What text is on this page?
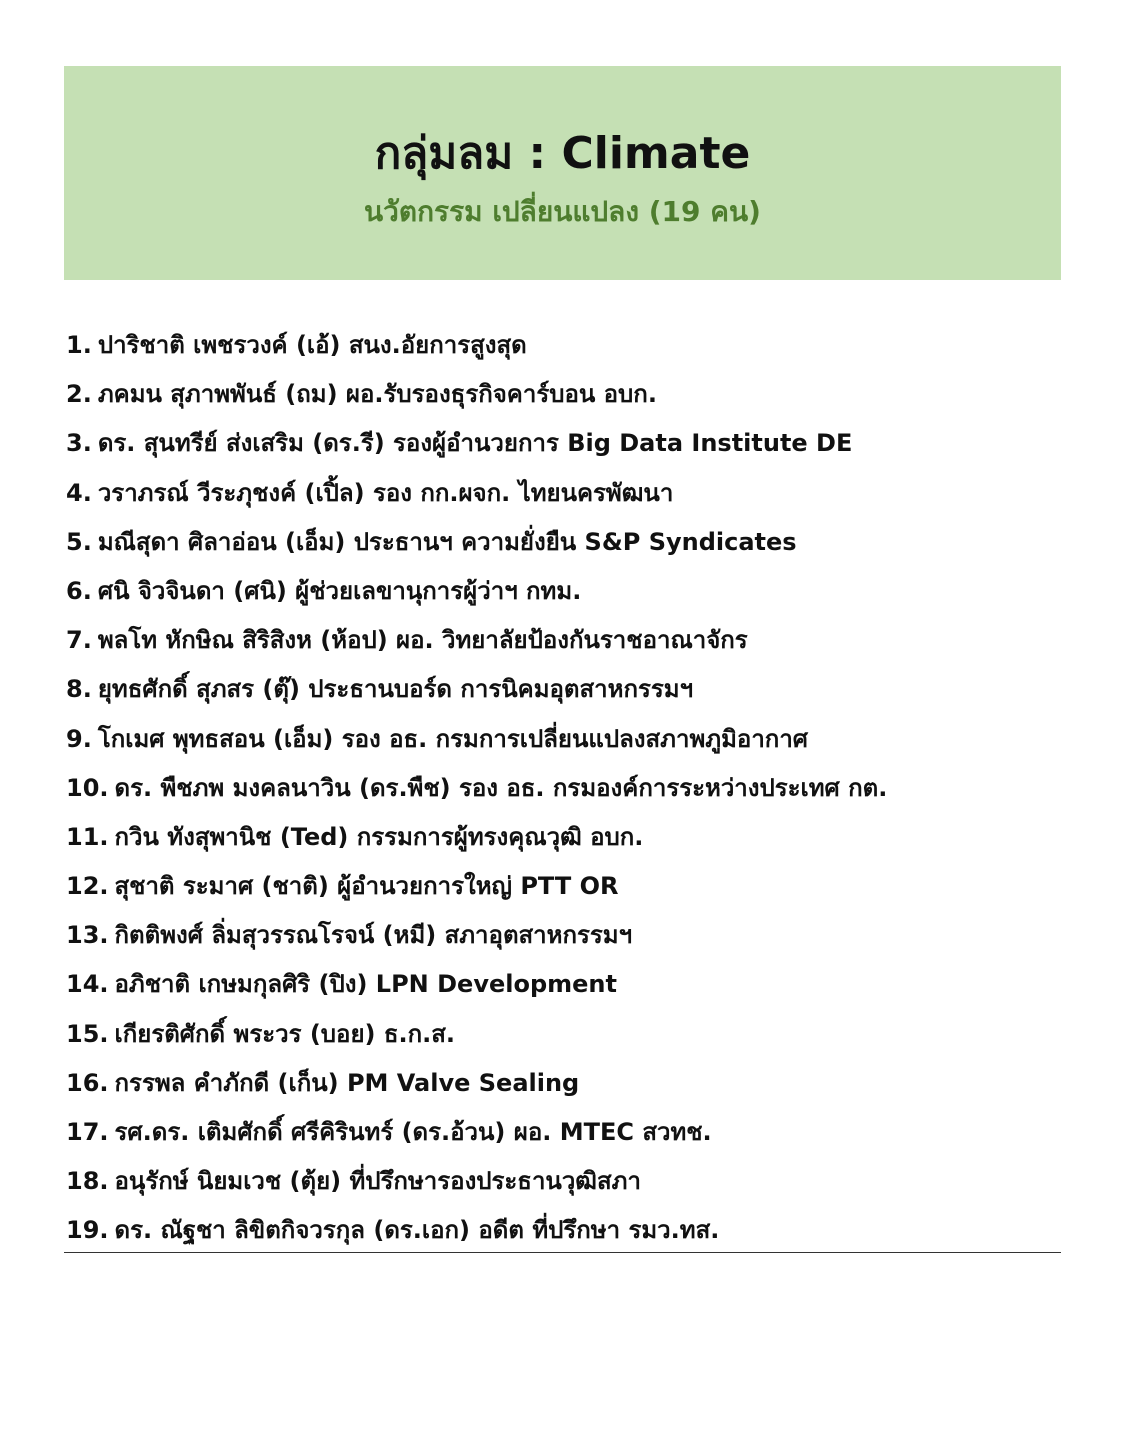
กลุ่มลม : Climate
นวัตกรรม เปลี่ยนแปลง (19 คน)
1. ปาริชาติ เพชรวงค์ (เอ้) สนง.อัยการสูงสุด
2. ภคมน สุภาพพันธ์ (ถม) ผอ.รับรองธุรกิจคาร์บอน อบก.
3. ดร. สุนทรีย์ ส่งเสริม (ดร.รี) รองผู้อำนวยการ Big Data Institute DE
4. วราภรณ์ วีระภุชงค์ (เปิ้ล) รอง กก.ผจก. ไทยนครพัฒนา
5. มณีสุดา ศิลาอ่อน (เอ็ม) ประธานฯ ความยั่งยืน S&P Syndicates
6. ศนิ จิวจินดา (ศนิ) ผู้ช่วยเลขานุการผู้ว่าฯ กทม.
7. พลโท หักษิณ สิริสิงห (ห้อป) ผอ. วิทยาลัยป้องกันราชอาณาจักร
8. ยุทธศักดิ์ สุภสร (ตุ๊) ประธานบอร์ด การนิคมอุตสาหกรรมฯ
9. โกเมศ พุทธสอน (เอ็ม) รอง อธ. กรมการเปลี่ยนแปลงสภาพภูมิอากาศ
10. ดร. พืชภพ มงคลนาวิน (ดร.พืช) รอง อธ. กรมองค์การระหว่างประเทศ กต.
11. กวิน ทังสุพานิช (Ted) กรรมการผู้ทรงคุณวุฒิ อบก.
12. สุชาติ ระมาศ (ชาติ) ผู้อำนวยการใหญ่ PTT OR
13. กิตติพงศ์ ลิ่มสุวรรณโรจน์ (หมี) สภาอุตสาหกรรมฯ
14. อภิชาติ เกษมกุลศิริ (ปิง) LPN Development
15. เกียรติศักดิ์ พระวร (บอย) ธ.ก.ส.
16. กรรพล คำภักดี (เก็น) PM Valve Sealing
17. รศ.ดร. เติมศักดิ์ ศรีคิรินทร์ (ดร.อ้วน) ผอ. MTEC สวทช.
18. อนุรักษ์ นิยมเวช (ตุ้ย) ที่ปรึกษารองประธานวุฒิสภา
19. ดร. ณัฐชา ลิขิตกิจวรกุล (ดร.เอก) อดีต ที่ปรึกษา รมว.ทส.
